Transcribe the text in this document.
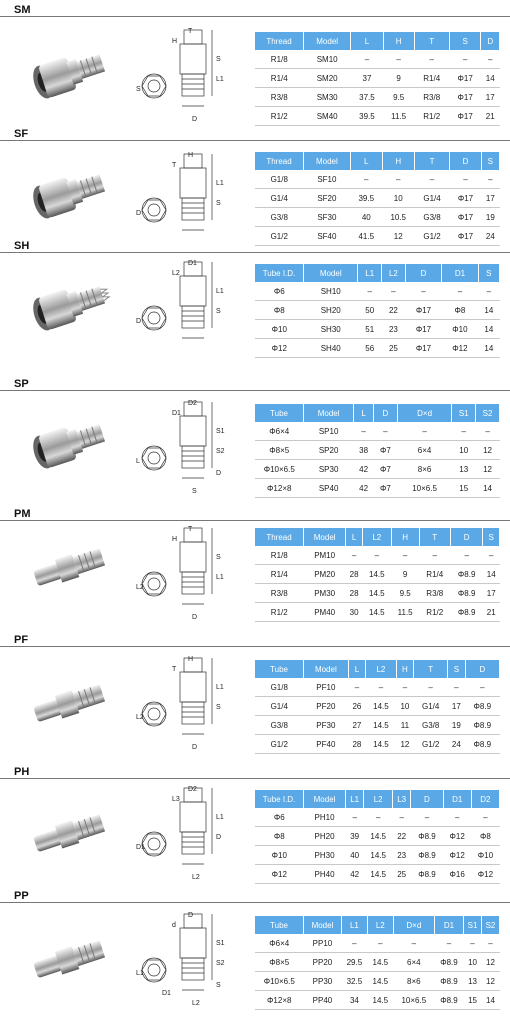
SM
T
H
S
L1
S
D
Thread	Model	L	H	T	S	D
R1/8	SM10	–	–	–	–	–
R1/4	SM20	37	9	R1/4	Φ17	14
R3/8	SM30	37.5	9.5	R3/8	Φ17	17
R1/2	SM40	39.5	11.5	R1/2	Φ17	21
SF
H
T
L1
S
D
Thread	Model	L	H	T	D	S
G1/8	SF10	–	–	–	–	–
G1/4	SF20	39.5	10	G1/4	Φ17	17
G3/8	SF30	40	10.5	G3/8	Φ17	19
G1/2	SF40	41.5	12	G1/2	Φ17	24
SH
D1
L2
L1
S
D
Tube I.D.	Model	L1	L2	D	D1	S
Φ6	SH10	–	–	–	–	–
Φ8	SH20	50	22	Φ17	Φ8	14
Φ10	SH30	51	23	Φ17	Φ10	14
Φ12	SH40	56	25	Φ17	Φ12	14
SP
D2
D1
S1
S2
L
S
D
Tube	Model	L	D	D×d	S1	S2
Φ6×4	SP10	–	–	–	–	–
Φ8×5	SP20	38	Φ7	6×4	10	12
Φ10×6.5	SP30	42	Φ7	8×6	13	12
Φ12×8	SP40	42	Φ7	10×6.5	15	14
PM
T
H
S
L1
L2
D
Thread	Model	L	L2	H	T	D	S
R1/8	PM10	–	–	–	–	–	–
R1/4	PM20	28	14.5	9	R1/4	Φ8.9	14
R3/8	PM30	28	14.5	9.5	R3/8	Φ8.9	17
R1/2	PM40	30	14.5	11.5	R1/2	Φ8.9	21
PF
H
T
L1
S
L2
D
Tube	Model	L	L2	H	T	S	D
G1/8	PF10	–	–	–	–	–	–
G1/4	PF20	26	14.5	10	G1/4	17	Φ8.9
G3/8	PF30	27	14.5	11	G3/8	19	Φ8.9
G1/2	PF40	28	14.5	12	G1/2	24	Φ8.9
PH
D2
L3
L1
D
D1
L2
Tube I.D.	Model	L1	L2	L3	D	D1	D2
Φ6	PH10	–	–	–	–	–	–
Φ8	PH20	39	14.5	22	Φ8.9	Φ12	Φ8
Φ10	PH30	40	14.5	23	Φ8.9	Φ12	Φ10
Φ12	PH40	42	14.5	25	Φ8.9	Φ16	Φ12
PP
D
d
S1
S2
L1
L2
S
D1
Tube	Model	L1	L2	D×d	D1	S1	S2
Φ6×4	PP10	–	–	–	–	–	–
Φ8×5	PP20	29.5	14.5	6×4	Φ8.9	10	12
Φ10×6.5	PP30	32.5	14.5	8×6	Φ8.9	13	12
Φ12×8	PP40	34	14.5	10×6.5	Φ8.9	15	14
